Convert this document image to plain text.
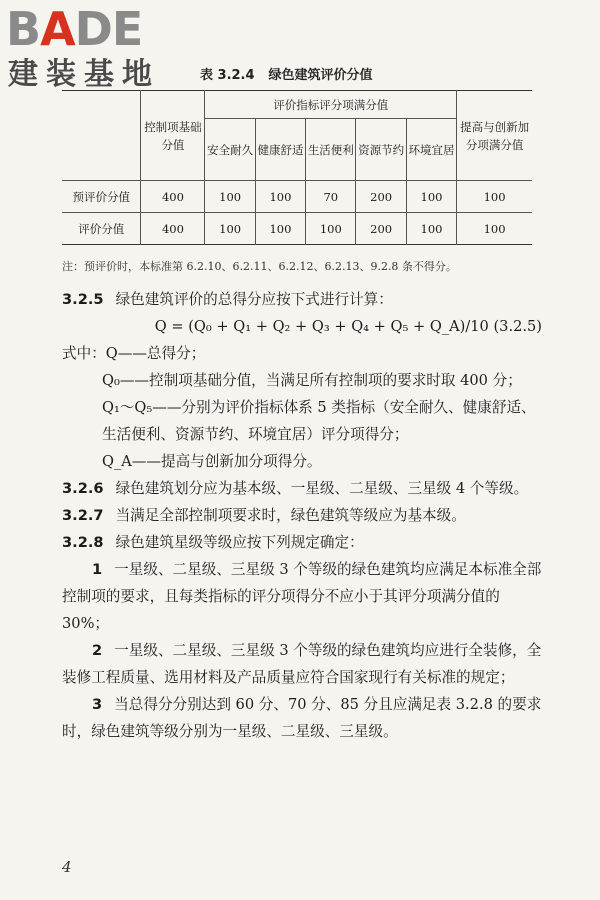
BADE
建装基地	表 3.2.4 绿色建筑评价分值
	控制项基础分值	评价指标评分项满分值					提高与创新加分项满分值
		安全耐久	健康舒适	生活便利	资源节约	环境宜居	
预评价分值	400	100	100	70	200	100	100
评价分值	400	100	100	100	200	100	100
注：预评价时，本标准第 6.2.10、6.2.11、6.2.12、6.2.13、9.2.8 条不得分。

3.2.5 绿色建筑评价的总得分应按下式进行计算：

Q = (Q₀ + Q₁ + Q₂ + Q₃ + Q₄ + Q₅ + Q_A)/10 (3.2.5)

式中：Q——总得分；

Q₀——控制项基础分值，当满足所有控制项的要求时取 400 分；

Q₁～Q₅——分别为评价指标体系 5 类指标（安全耐久、健康舒适、生活便利、资源节约、环境宜居）评分项得分；

Q_A——提高与创新加分项得分。

3.2.6 绿色建筑划分应为基本级、一星级、二星级、三星级 4 个等级。

3.2.7 当满足全部控制项要求时，绿色建筑等级应为基本级。

3.2.8 绿色建筑星级等级应按下列规定确定：

1 一星级、二星级、三星级 3 个等级的绿色建筑均应满足本标准全部控制项的要求，且每类指标的评分项得分不应小于其评分项满分值的 30%；

2 一星级、二星级、三星级 3 个等级的绿色建筑均应进行全装修，全装修工程质量、选用材料及产品质量应符合国家现行有关标准的规定；

3 当总得分分别达到 60 分、70 分、85 分且应满足表 3.2.8 的要求时，绿色建筑等级分别为一星级、二星级、三星级。

4
